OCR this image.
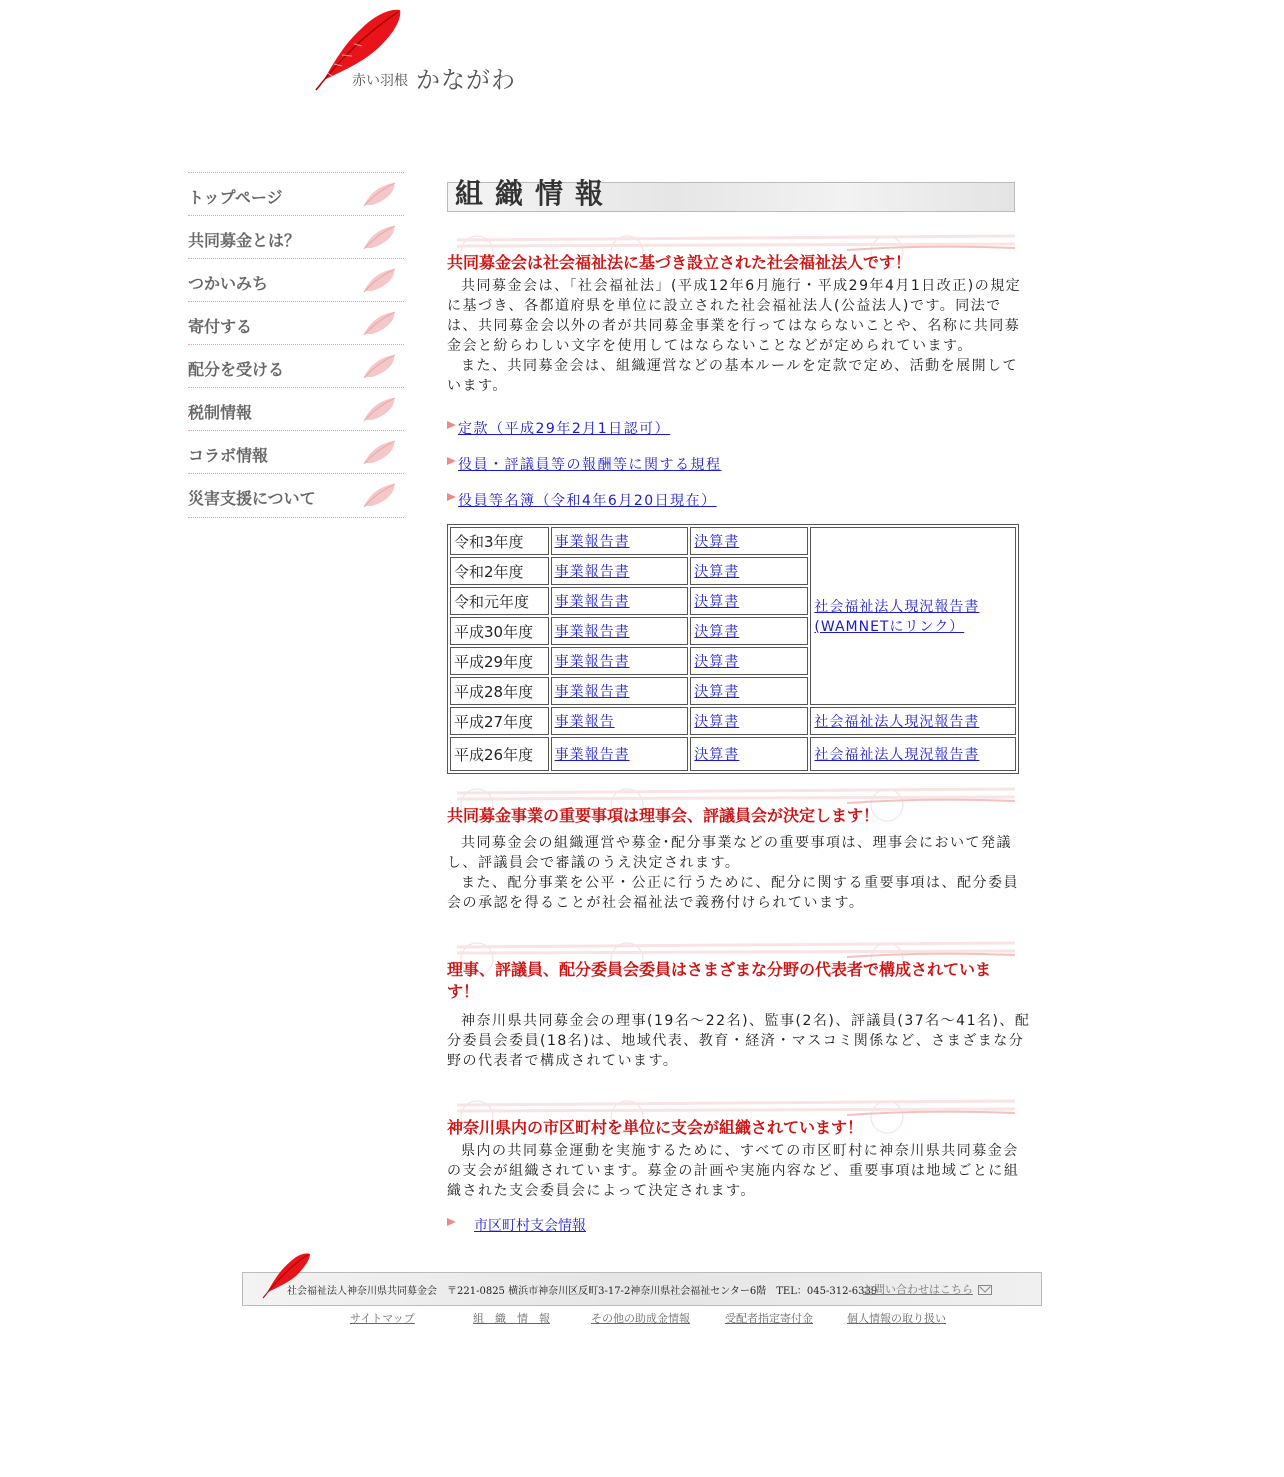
赤い羽根 かながわ
トップページ
共同募金とは？
つかいみち
寄付する
配分を受ける
税制情報
コラボ情報
災害支援について
組織情報
共同募金会は社会福祉法に基づき設立された社会福祉法人です！

共同募金会は、「社会福祉法」(平成12年6月施行・平成29年4月1日改正)の規定に基づき、各都道府県を単位に設立された社会福祉法人(公益法人)です。同法では、共同募金会以外の者が共同募金事業を行ってはならないことや、名称に共同募金会と紛らわしい文字を使用してはならないことなどが定められています。

また、共同募金会は、組織運営などの基本ルールを定款で定め、活動を展開しています。

定款（平成29年2月1日認可）
役員・評議員等の報酬等に関する規程
役員等名簿（令和4年6月20日現在）
令和3年度	事業報告書	決算書	社会福祉法人現況報告書
(WAMNETにリンク）
令和2年度	事業報告書	決算書	
令和元年度	事業報告書	決算書	
平成30年度	事業報告書	決算書	
平成29年度	事業報告書	決算書	
平成28年度	事業報告書	決算書	
平成27年度	事業報告	決算書	社会福祉法人現況報告書
平成26年度	事業報告書	決算書	社会福祉法人現況報告書
共同募金事業の重要事項は理事会、評議員会が決定します！

共同募金会の組織運営や募金･配分事業などの重要事項は、理事会において発議し、評議員会で審議のうえ決定されます。

また、配分事業を公平・公正に行うために、配分に関する重要事項は、配分委員会の承認を得ることが社会福祉法で義務付けられています。

理事、評議員、配分委員会委員はさまざまな分野の代表者で構成されています！

神奈川県共同募金会の理事(19名～22名)、監事(2名)、評議員(37名～41名)、配分委員会委員(18名)は、地域代表、教育・経済・マスコミ関係など、さまざまな分野の代表者で構成されています。

神奈川県内の市区町村を単位に支会が組織されています！

県内の共同募金運動を実施するために、すべての市区町村に神奈川県共同募金会の支会が組織されています。募金の計画や実施内容など、重要事項は地域ごとに組織された支会委員会によって決定されます。

市区町村支会情報
社会福祉法人神奈川県共同募金会　〒221-0825 横浜市神奈川区反町3-17-2神奈川県社会福祉センター6階　TEL：045-312-6339
お問い合わせはこちら
サイトマップ	組　織　情　報	その他の助成金情報	受配者指定寄付金	個人情報の取り扱い
